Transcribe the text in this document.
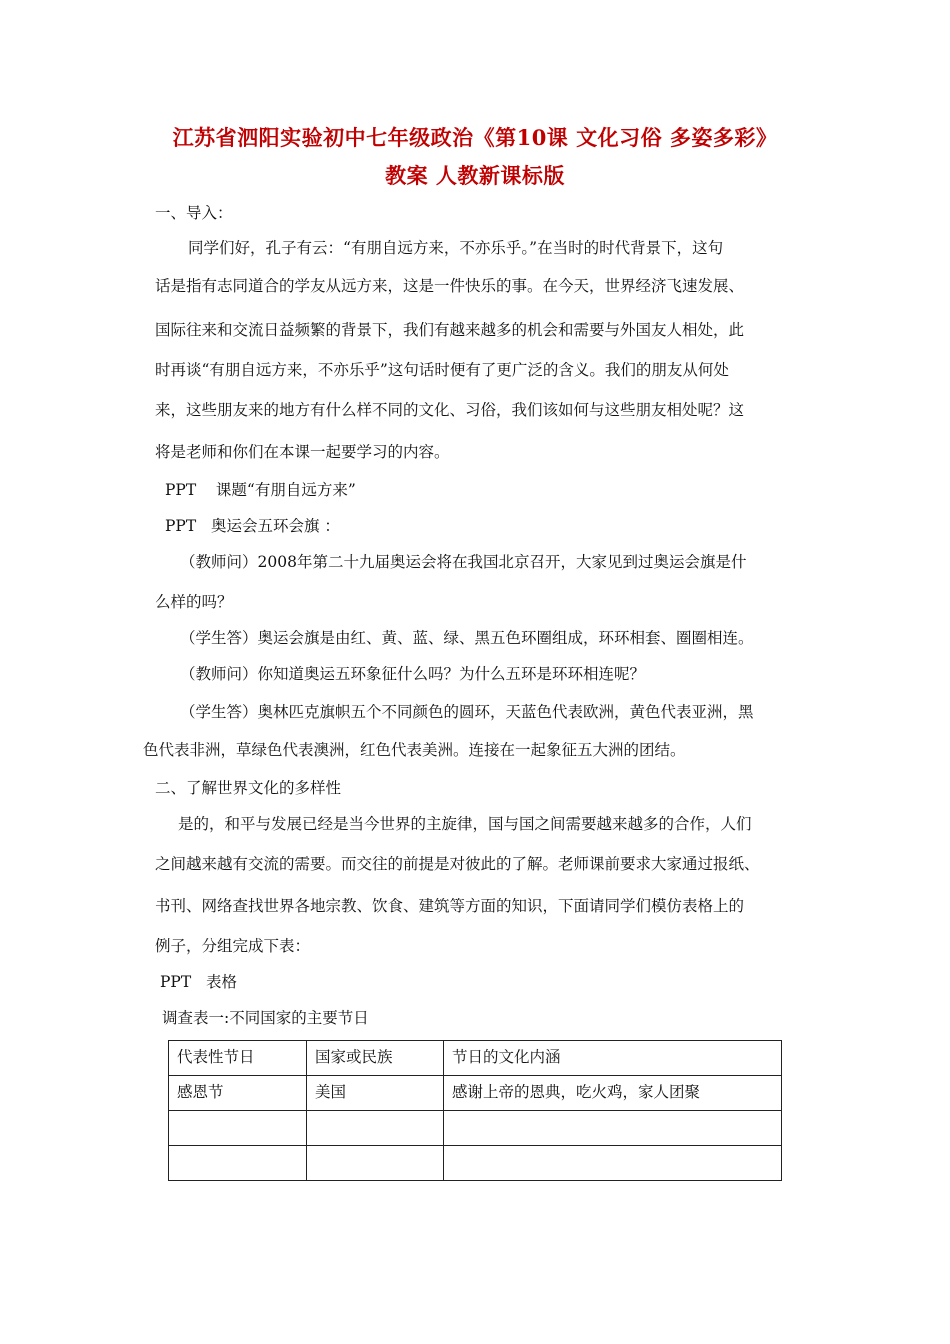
江苏省泗阳实验初中七年级政治《第10课 文化习俗 多姿多彩》
教案 人教新课标版
一、导入：
同学们好，孔子有云：“有朋自远方来，不亦乐乎。”在当时的时代背景下，这句
话是指有志同道合的学友从远方来，这是一件快乐的事。在今天，世界经济飞速发展、
国际往来和交流日益频繁的背景下，我们有越来越多的机会和需要与外国友人相处，此
时再谈“有朋自远方来，不亦乐乎”这句话时便有了更广泛的含义。我们的朋友从何处
来，这些朋友来的地方有什么样不同的文化、习俗，我们该如何与这些朋友相处呢？这
将是老师和你们在本课一起要学习的内容。
PPT    课题“有朋自远方来”
PPT   奥运会五环会旗 ：
（教师问）2008年第二十九届奥运会将在我国北京召开，大家见到过奥运会旗是什
么样的吗？
（学生答）奥运会旗是由红、黄、蓝、绿、黑五色环圈组成，环环相套、圈圈相连。
（教师问）你知道奥运五环象征什么吗？为什么五环是环环相连呢？
（学生答）奥林匹克旗帜五个不同颜色的圆环，天蓝色代表欧洲，黄色代表亚洲，黑
色代表非洲，草绿色代表澳洲，红色代表美洲。连接在一起象征五大洲的团结。
二、了解世界文化的多样性
是的，和平与发展已经是当今世界的主旋律，国与国之间需要越来越多的合作，人们
之间越来越有交流的需要。而交往的前提是对彼此的了解。老师课前要求大家通过报纸、
书刊、网络查找世界各地宗教、饮食、建筑等方面的知识，下面请同学们模仿表格上的
例子，分组完成下表：
PPT   表格
调查表一:不同国家的主要节日
代表性节日	国家或民族	节日的文化内涵
感恩节	美国	感谢上帝的恩典，吃火鸡，家人团聚
